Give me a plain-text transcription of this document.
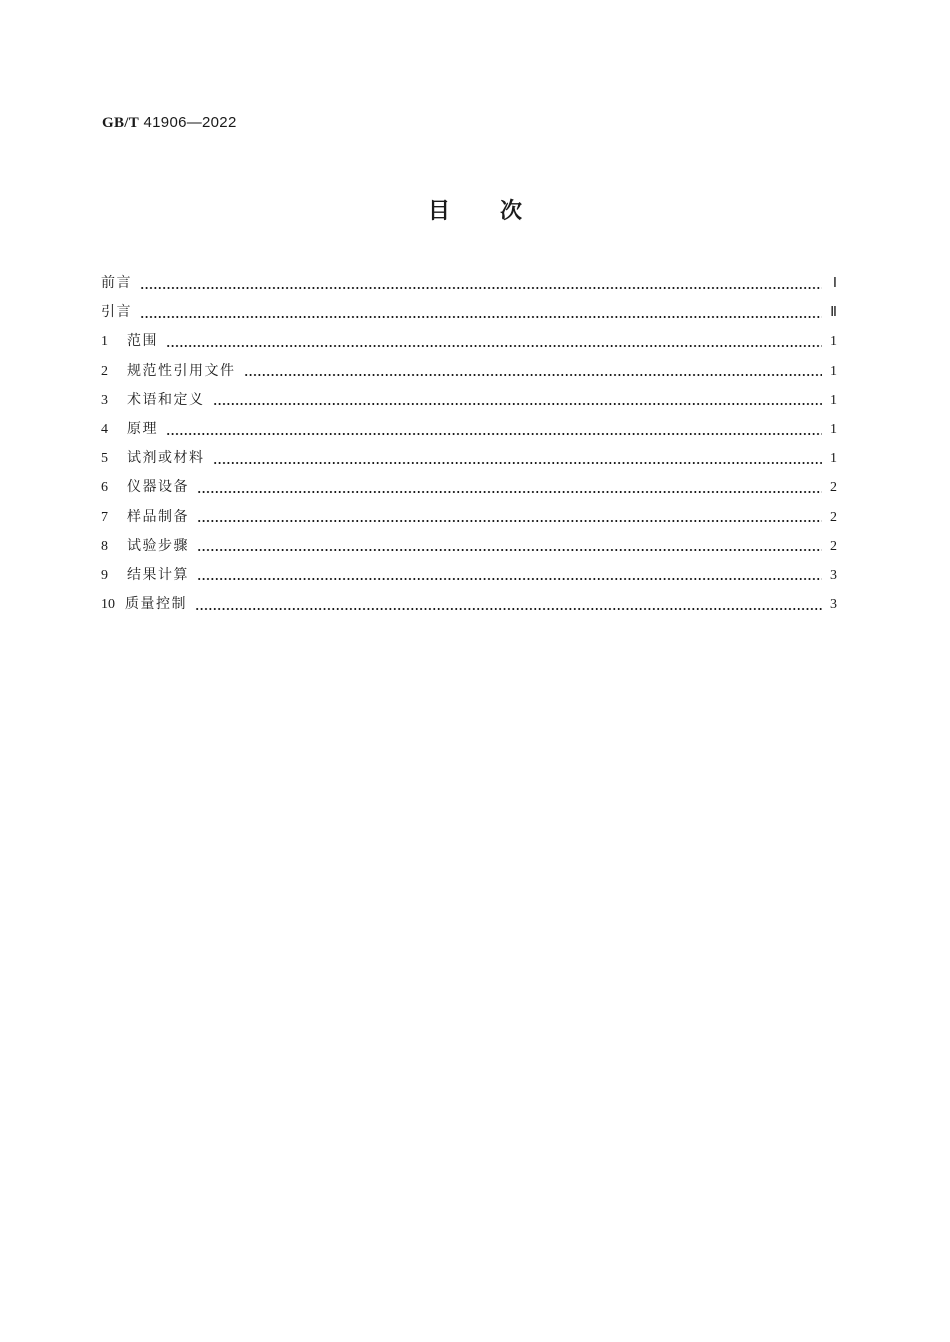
GB/T 41906—2022
目次
前言	Ⅰ
引言	Ⅱ
1 范围	1
2 规范性引用文件	1
3 术语和定义	1
4 原理	1
5 试剂或材料	1
6 仪器设备	2
7 样品制备	2
8 试验步骤	2
9 结果计算	3
10 质量控制	3
